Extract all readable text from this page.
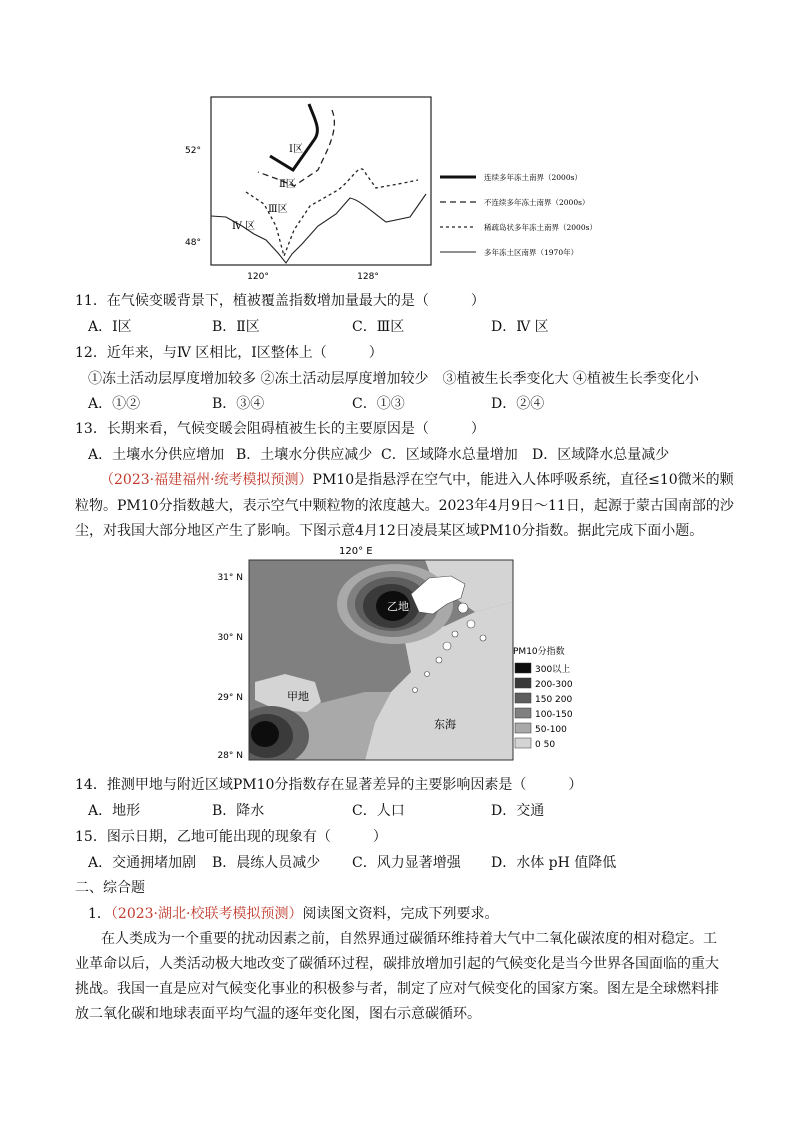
52°
48°
120°	128°
Ⅰ区
Ⅱ区
Ⅲ区
Ⅳ 区
连续多年冻土南界（2000s）
不连续多年冻土南界（2000s）
稀疏岛状多年冻土南界（2000s）
多年冻土区南界（1970年）
11．在气候变暖背景下，植被覆盖指数增加量最大的是（　　　）
A．Ⅰ区	B．Ⅱ区	C．Ⅲ区	D．Ⅳ 区
12．近年来，与Ⅳ 区相比，Ⅰ区整体上（　　　）
①冻土活动层厚度增加较多 ②冻土活动层厚度增加较少　③植被生长季变化大 ④植被生长季变化小
A．①②	B．③④	C．①③	D．②④
13．长期来看，气候变暖会阻碍植被生长的主要原因是（　　　）
A．土壤水分供应增加 B．土壤水分供应减少 C．区域降水总量增加 D．区域降水总量减少
（2023·福建福州·统考模拟预测）PM10是指悬浮在空气中，能进入人体呼吸系统，直径≤10微米的颗
粒物。PM10分指数越大，表示空气中颗粒物的浓度越大。2023年4月9日～11日，起源于蒙古国南部的沙
尘，对我国大部分地区产生了影响。下图示意4月12日凌晨某区域PM10分指数。据此完成下面小题。
120° E
31° N
30° N
29° N
28° N
乙地
甲地
东海
PM10分指数
300以上
200-300
150 200
100-150
50-100
0 50
14．推测甲地与附近区域PM10分指数存在显著差异的主要影响因素是（　　　）
A．地形	B．降水	C．人口	D．交通
15．图示日期，乙地可能出现的现象有（　　　）
A．交通拥堵加剧 B．晨练人员减少 C．风力显著增强 D．水体 pH 值降低
二、综合题
1．（2023·湖北·校联考模拟预测）阅读图文资料，完成下列要求。
在人类成为一个重要的扰动因素之前，自然界通过碳循环维持着大气中二氧化碳浓度的相对稳定。工
业革命以后，人类活动极大地改变了碳循环过程，碳排放增加引起的气候变化是当今世界各国面临的重大
挑战。我国一直是应对气候变化事业的积极参与者，制定了应对气候变化的国家方案。图左是全球燃料排
放二氧化碳和地球表面平均气温的逐年变化图，图右示意碳循环。
